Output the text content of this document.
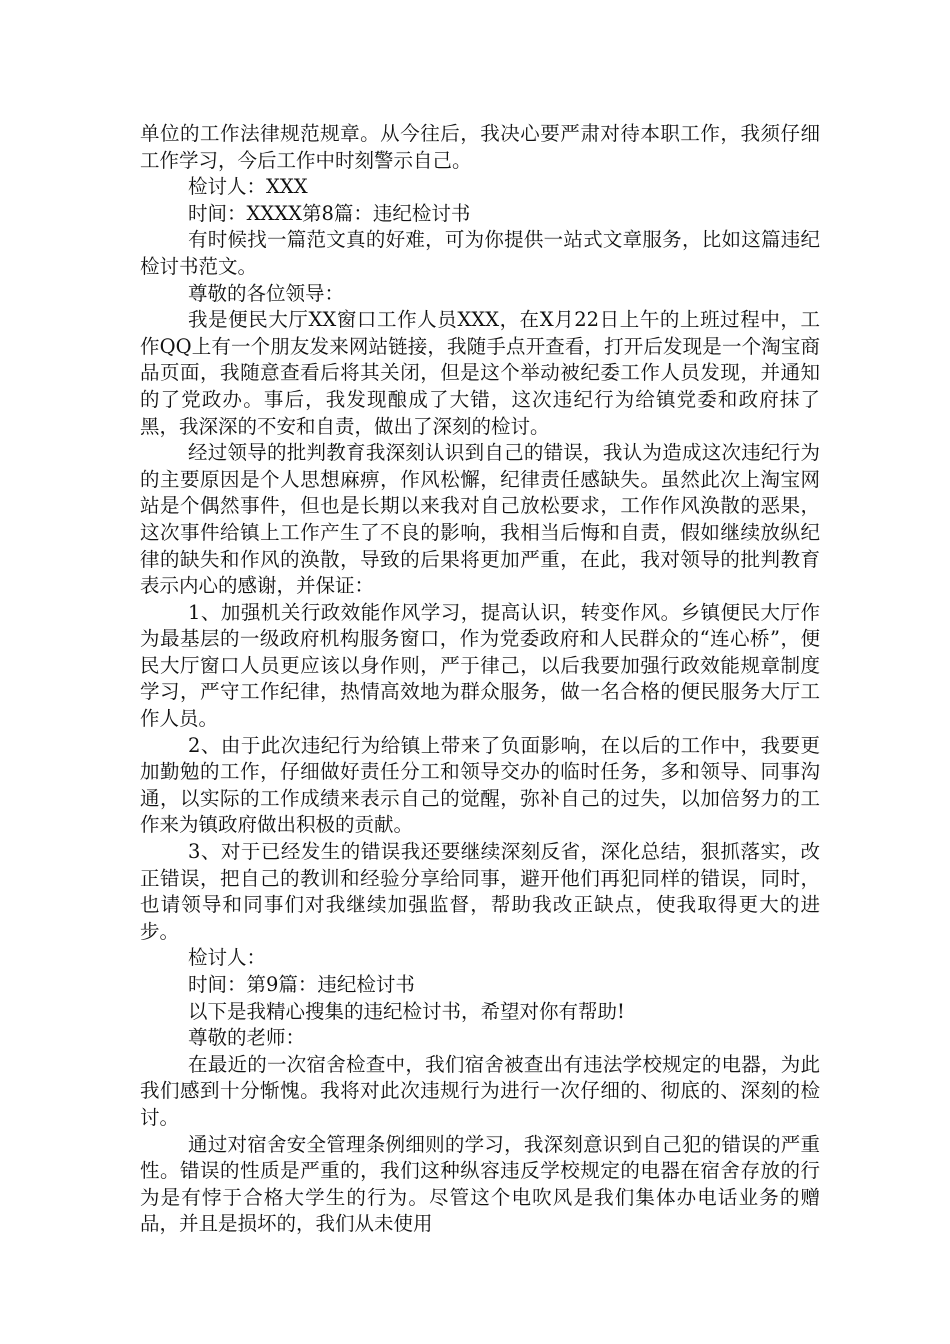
单位的工作法律规范规章。从今往后，我决心要严肃对待本职工作，我须仔细工作学习，今后工作中时刻警示自己。

检讨人：XXX

时间：XXXX第8篇：违纪检讨书

有时候找一篇范文真的好难，可为你提供一站式文章服务，比如这篇违纪检讨书范文。

尊敬的各位领导：

我是便民大厅XX窗口工作人员XXX，在X月22日上午的上班过程中，工作QQ上有一个朋友发来网站链接，我随手点开查看，打开后发现是一个淘宝商品页面，我随意查看后将其关闭，但是这个举动被纪委工作人员发现，并通知的了党政办。事后，我发现酿成了大错，这次违纪行为给镇党委和政府抹了黑，我深深的不安和自责，做出了深刻的检讨。

经过领导的批判教育我深刻认识到自己的错误，我认为造成这次违纪行为的主要原因是个人思想麻痹，作风松懈，纪律责任感缺失。虽然此次上淘宝网站是个偶然事件，但也是长期以来我对自己放松要求，工作作风涣散的恶果，这次事件给镇上工作产生了不良的影响，我相当后悔和自责，假如继续放纵纪律的缺失和作风的涣散，导致的后果将更加严重，在此，我对领导的批判教育表示内心的感谢，并保证：

1、加强机关行政效能作风学习，提高认识，转变作风。乡镇便民大厅作为最基层的一级政府机构服务窗口，作为党委政府和人民群众的“连心桥”，便民大厅窗口人员更应该以身作则，严于律己，以后我要加强行政效能规章制度学习，严守工作纪律，热情高效地为群众服务，做一名合格的便民服务大厅工作人员。

2、由于此次违纪行为给镇上带来了负面影响，在以后的工作中，我要更加勤勉的工作，仔细做好责任分工和领导交办的临时任务，多和领导、同事沟通，以实际的工作成绩来表示自己的觉醒，弥补自己的过失，以加倍努力的工作来为镇政府做出积极的贡献。

3、对于已经发生的错误我还要继续深刻反省，深化总结，狠抓落实，改正错误，把自己的教训和经验分享给同事，避开他们再犯同样的错误，同时，也请领导和同事们对我继续加强监督，帮助我改正缺点，使我取得更大的进步。

检讨人：

时间：第9篇：违纪检讨书

以下是我精心搜集的违纪检讨书，希望对你有帮助!

尊敬的老师：

在最近的一次宿舍检查中，我们宿舍被查出有违法学校规定的电器，为此我们感到十分惭愧。我将对此次违规行为进行一次仔细的、彻底的、深刻的检讨。

通过对宿舍安全管理条例细则的学习，我深刻意识到自己犯的错误的严重性。错误的性质是严重的，我们这种纵容违反学校规定的电器在宿舍存放的行为是有悖于合格大学生的行为。尽管这个电吹风是我们集体办电话业务的赠品，并且是损坏的，我们从未使用
